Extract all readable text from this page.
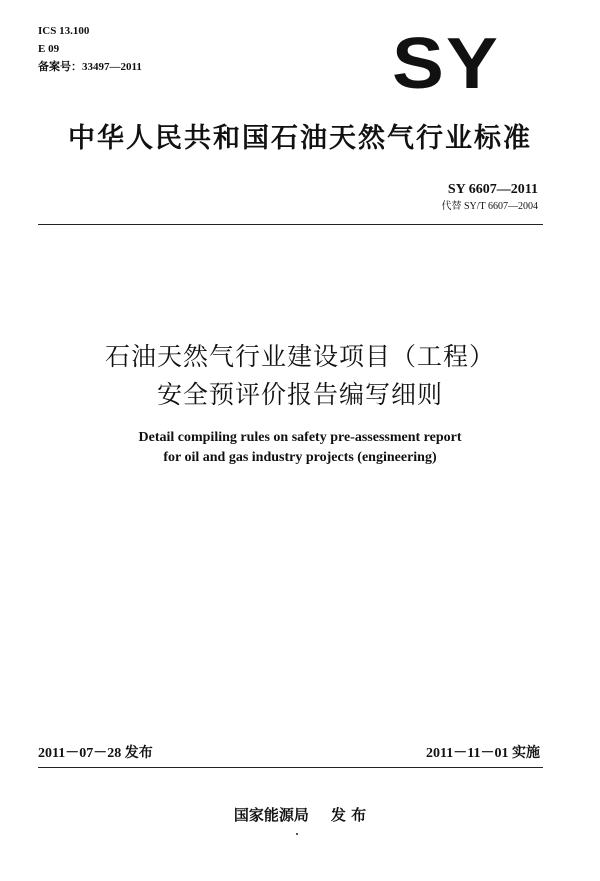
ICS 13.100
E 09
备案号：33497—2011	SY
中华人民共和国石油天然气行业标准
SY 6607—2011
代替 SY/T 6607—2004
石油天然气行业建设项目（工程）
安全预评价报告编写细则
Detail compiling rules on safety pre-assessment report
for oil and gas industry projects (engineering)
2011－07－28 发布	2011－11－01 实施
国家能源局 发 布
